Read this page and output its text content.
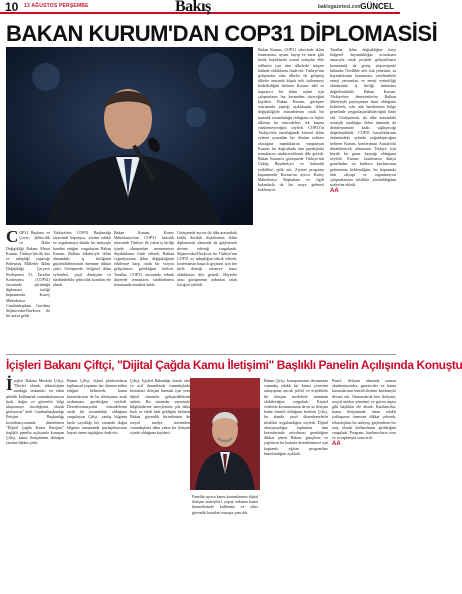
10 13 AĞUSTOS PERŞEMBE	Bakış	bakisgazetesi.com
GÜNCEL
BAKAN KURUM'DAN COP31 DİPLOMASİSİ
COP31 Başkanı ve Çevre, Şehircilik ve İklim Değişikliği Bakanı Murat Kurum, Türkiye'nin ilk kez ev sahipliği yapacağı Birleşmiş Milletler İklim Değişikliği Çerçeve Sözleşmesi 31. Taraflar Konferansı (COP31) öncesinde yürüttüğü diplomasi trafiği kapsamında Kuzey Makedonya Cumhurbaşkanı Gordana Siljanovska-Davkova ile bir araya geldi.

Türkiye'nin COP31 Başkanlığı sürecinde kapsayıcı, çözüm odaklı ve uygulamaya dönük bir anlayışla hareket ettiğini vurgulayan Bakan Kurum, Balkan ülkeleriyle iklim alanındaki iş birliğinin güçlendirilmesinin önemine dikkat çekti. Görüşmede, bölgesel iklim eylemleri, yeşil dönüşüm ve sürdürülebilir şehircilik konuları ele alındı.

Bakan Kurum, Kuzey Makedonya'nın COP31 hazırlık sürecinde Türkiye ile yakın iş birliği içinde olmasından memnuniyet duyduklarını ifade ederek, Balkan coğrafyasının iklim değişikliğinin etkilerine karşı ortak bir vizyon geliştirmesi gerektiğini belirtti. Taraflar, COP31 öncesinde teknik düzeyde temasların sürdürülmesi konusunda mutabık kaldı.

Görüşmede ayrıca iki ülke arasındaki köklü dostluk ilişkilerinin iklim diplomasisi alanında da güçlenerek devam edeceği vurgulandı. Siljanovska-Davkova ise Türkiye'nin COP31 ev sahipliğini tebrik ederek, konferansın başarılı geçmesi için her türlü desteği vermeye hazır olduklarını dile getirdi. Heyetler arası görüşmenin ardından ortak fotoğraf çekildi.

Bakan Kurum, COP31 sürecinde iklim finansmanı, uyum, kayıp ve zarar gibi kritik başlıklarda somut sonuçlar elde edilmesi için tüm ülkelerle istişare halinde olduklarını ifade etti. Türkiye'nin gelişmekte olan ülkeler ile gelişmiş ülkeler arasında köprü rolü üstlenmeyi hedeflediğini belirten Kurum, adil ve kapsayıcı bir iklim rejimi için çalışmaların hız kesmeden süreceğini kaydetti. Bakan Kurum, görüşme sonrasında yaptığı açıklamada, iklim değişikliğiyle mücadelenin ortak bir insanlık sorumluluğu olduğunu ve hiçbir ülkenin bu mücadeleyi tek başına yürütemeyeceğini söyledi. COP31'in Türkiye'nin öncülüğünde küresel iklim eylemi açısından bir dönüm noktası olacağına inandıklarını vurgulayan Kurum, bu doğrultuda tüm paydaşlarla temaslarını sürdüreceklerini dile getirdi. Bakan Kurum'a görüşmede Türkiye'nin Üsküp Büyükelçisi ve bakanlık yetkilileri eşlik etti. Ziyaret programı kapsamında Kurum'un ayrıca Kuzey Makedonya Başbakanı ve ilgili bakanlarla da bir araya gelmesi bekleniyor.

Taraflar, iklim değişikliğine karşı bölgesel dayanıklılığın artırılması amacıyla ortak projeler geliştirilmesi konusunda da görüş alışverişinde bulundu. Özellikle afet risk yönetimi, su kaynaklarının korunması, yenilenebilir enerji yatırımları ve enerji verimliliği alanlarında iş birliği imkanları değerlendirildi. Bakan Kurum, Türkiye'nin deneyimlerini Balkan ülkeleriyle paylaşmaya hazır olduğunu belirterek, sıfır atık hareketinin bölge genelinde yaygınlaştırılabileceğini ifade etti. Görüşmenin, iki ülke arasındaki stratejik ortaklığın iklim alanında da derinleşmesine katkı sağlayacağı değerlendirildi. COP31 hazırlıklarının önümüzdeki aylarda yoğunlaşacağını belirten Kurum, konferansın Antalya'da düzenlenecek olmasının Türkiye için büyük bir gurur kaynağı olduğunu söyledi. Kurum, konferansa dünya genelinden on binlerce katılımcının gelmesinin beklendiğini, bu kapsamda tüm altyapı ve organizasyon çalışmalarının titizlikle yürütüldüğünü sözlerine ekledi.

AA

İçişleri Bakanı Çiftçi, "Dijital Çağda Kamu İletişimi" Başlıklı Panelin Açılışında Konuştu
İçişleri Bakanı Mustafa Çiftçi, "Devlet olarak, teknolojinin sunduğu imkanları en etkin şekilde kullanarak vatandaşlarımıza hızlı, doğru ve güvenilir bilgi ulaştırmayı önceliğimiz olarak görüyoruz" dedi. Cumhurbaşkanlığı İletişim Başkanlığı koordinasyonunda düzenlenen "Dijital Çağda Kamu İletişimi" başlıklı panelin açılışında konuşan Çiftçi, kamu iletişiminin dönüşen yüzüne dikkat çekti.

Bakan Çiftçi, dijital platformların toplumsal yaşamın her alanına nüfuz ettiğini belirterek, kamu kurumlarının da bu dönüşüme ayak uydurması gerektiğini söyledi. Dezenformasyonla mücadelenin ortak bir sorumluluk olduğunu vurgulayan Çiftçi, yanlış bilginin hızla yayıldığı bir ortamda doğru bilginin zamanında paylaşılmasının hayati önem taşıdığını ifade etti.

Çiftçi, İçişleri Bakanlığı olarak afet ve acil durumlarda vatandaşlarla kesintisiz iletişim kurmak için yeni dijital sistemler geliştirdiklerini anlattı. Bu sistemler sayesinde bilgilendirme süreçlerinin çok daha hızlı ve etkili hale geldiğini belirten Bakan, güvenlik birimlerinin de sosyal medya üzerinden vatandaşlarla daha yakın bir iletişim içinde olduğunu kaydetti.

Panelde ayrıca kamu kurumlarının dijital iletişim stratejileri, yapay zekanın kamu hizmetlerinde kullanımı ve siber güvenlik konuları masaya yatırıldı.

Bakan Çiftçi, konuşmasının devamında vatandaş odaklı bir kamu yönetimi anlayışının ancak şeffaf ve erişilebilir bir iletişim modeliyle mümkün olabileceğini vurguladı. Kişisel verilerin korunmasının da en az iletişim kadar önemli olduğunu belirten Çiftçi, bu alanda yasal düzenlemelerin titizlikle uygulandığını söyledi. Dijital okuryazarlığın toplumun tüm kesimlerinde artırılması gerektiğine dikkat çeken Bakan, gençlerin ve yaşlıların bu konuda desteklenmesi için kapsamlı eğitim programları hazırlandığını açıkladı.

Panel, iletişim alanında uzman akademisyenler, gazeteciler ve kamu kurumlarının temsilcilerinin katılımıyla devam etti. Oturumlarda kriz iletişimi, sosyal medya yönetimi ve güven inşası gibi başlıklar ele alındı. Katılımcılar, kamu iletişiminde insan odaklı yaklaşımın önemine dikkat çekerek, teknolojinin bu anlayışı güçlendiren bir araç olarak kullanılması gerektiğini vurguladı. Program, katılımcıların soru ve cevaplarıyla sona erdi.

AA
